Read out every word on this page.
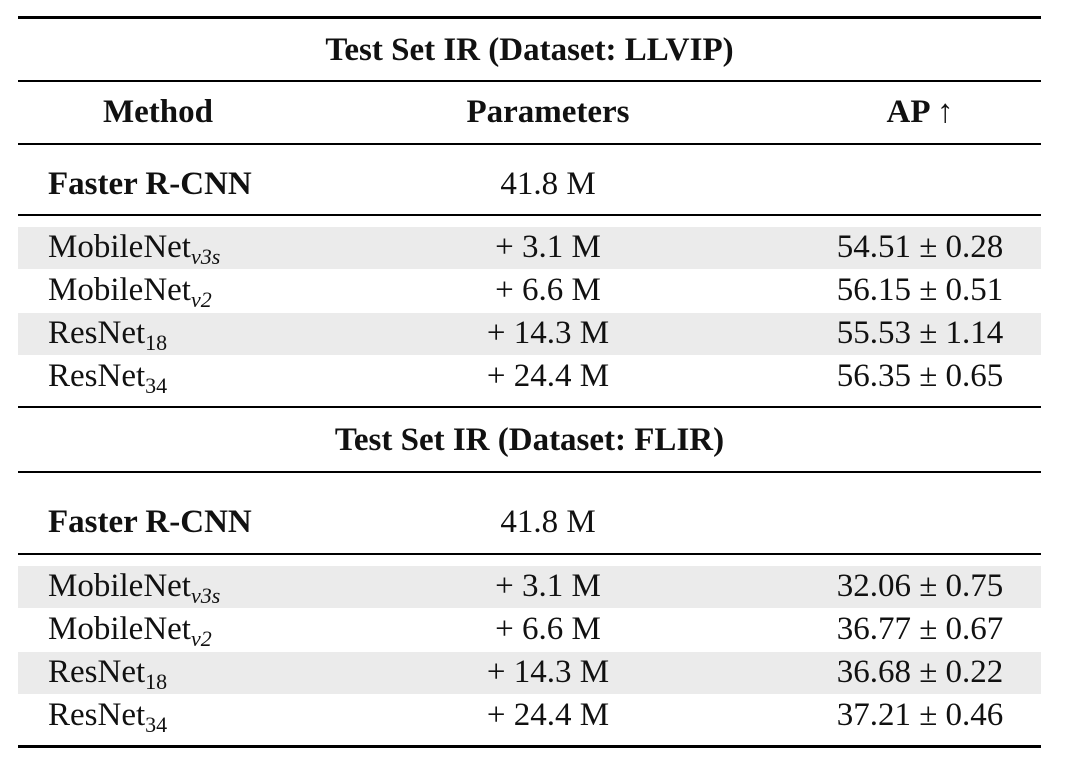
Test Set IR (Dataset: LLVIP)
Method	Parameters	AP ↑
Faster R-CNN	41.8 M
MobileNet$_{v3s}$	+ 3.1 M	54.51 ± 0.28
MobileNet$_{v2}$	+ 6.6 M	56.15 ± 0.51
ResNet$_{18}$	+ 14.3 M	55.53 ± 1.14
ResNet$_{34}$	+ 24.4 M	56.35 ± 0.65
Test Set IR (Dataset: FLIR)
Faster R-CNN	41.8 M
MobileNet$_{v3s}$	+ 3.1 M	32.06 ± 0.75
MobileNet$_{v2}$	+ 6.6 M	36.77 ± 0.67
ResNet$_{18}$	+ 14.3 M	36.68 ± 0.22
ResNet$_{34}$	+ 24.4 M	37.21 ± 0.46
